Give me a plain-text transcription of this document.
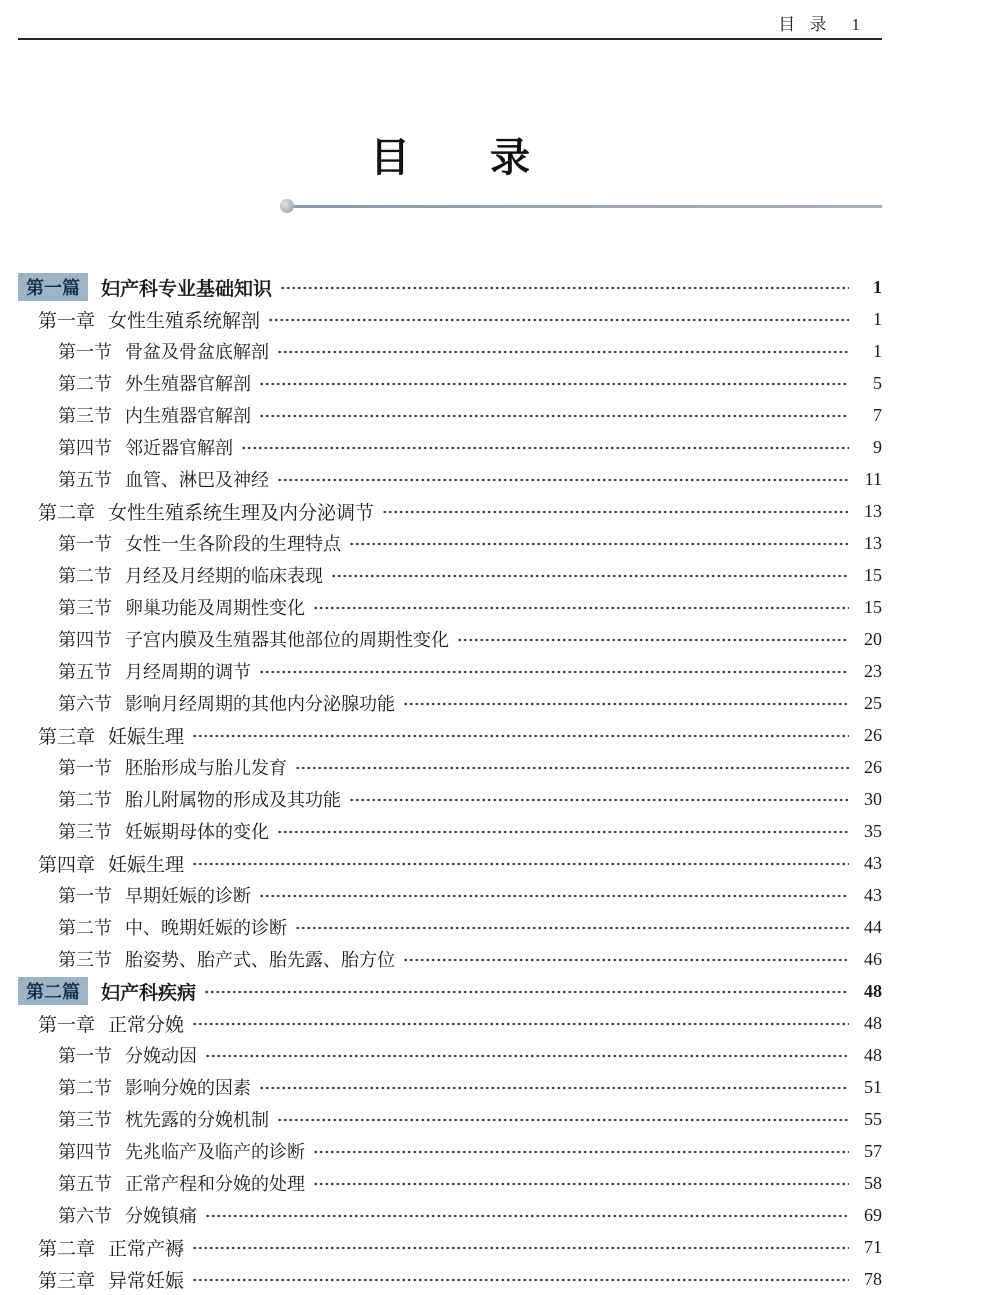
目 录 1
目　　录
第一篇	妇产科专业基础知识	1
第一章 女性生殖系统解剖	1
第一节 骨盆及骨盆底解剖	1
第二节 外生殖器官解剖	5
第三节 内生殖器官解剖	7
第四节 邻近器官解剖	9
第五节 血管、淋巴及神经	11
第二章 女性生殖系统生理及内分泌调节	13
第一节 女性一生各阶段的生理特点	13
第二节 月经及月经期的临床表现	15
第三节 卵巢功能及周期性变化	15
第四节 子宫内膜及生殖器其他部位的周期性变化	20
第五节 月经周期的调节	23
第六节 影响月经周期的其他内分泌腺功能	25
第三章 妊娠生理	26
第一节 胚胎形成与胎儿发育	26
第二节 胎儿附属物的形成及其功能	30
第三节 妊娠期母体的变化	35
第四章 妊娠生理	43
第一节 早期妊娠的诊断	43
第二节 中、晚期妊娠的诊断	44
第三节 胎姿势、胎产式、胎先露、胎方位	46
第二篇	妇产科疾病	48
第一章 正常分娩	48
第一节 分娩动因	48
第二节 影响分娩的因素	51
第三节 枕先露的分娩机制	55
第四节 先兆临产及临产的诊断	57
第五节 正常产程和分娩的处理	58
第六节 分娩镇痛	69
第二章 正常产褥	71
第三章 异常妊娠	78
